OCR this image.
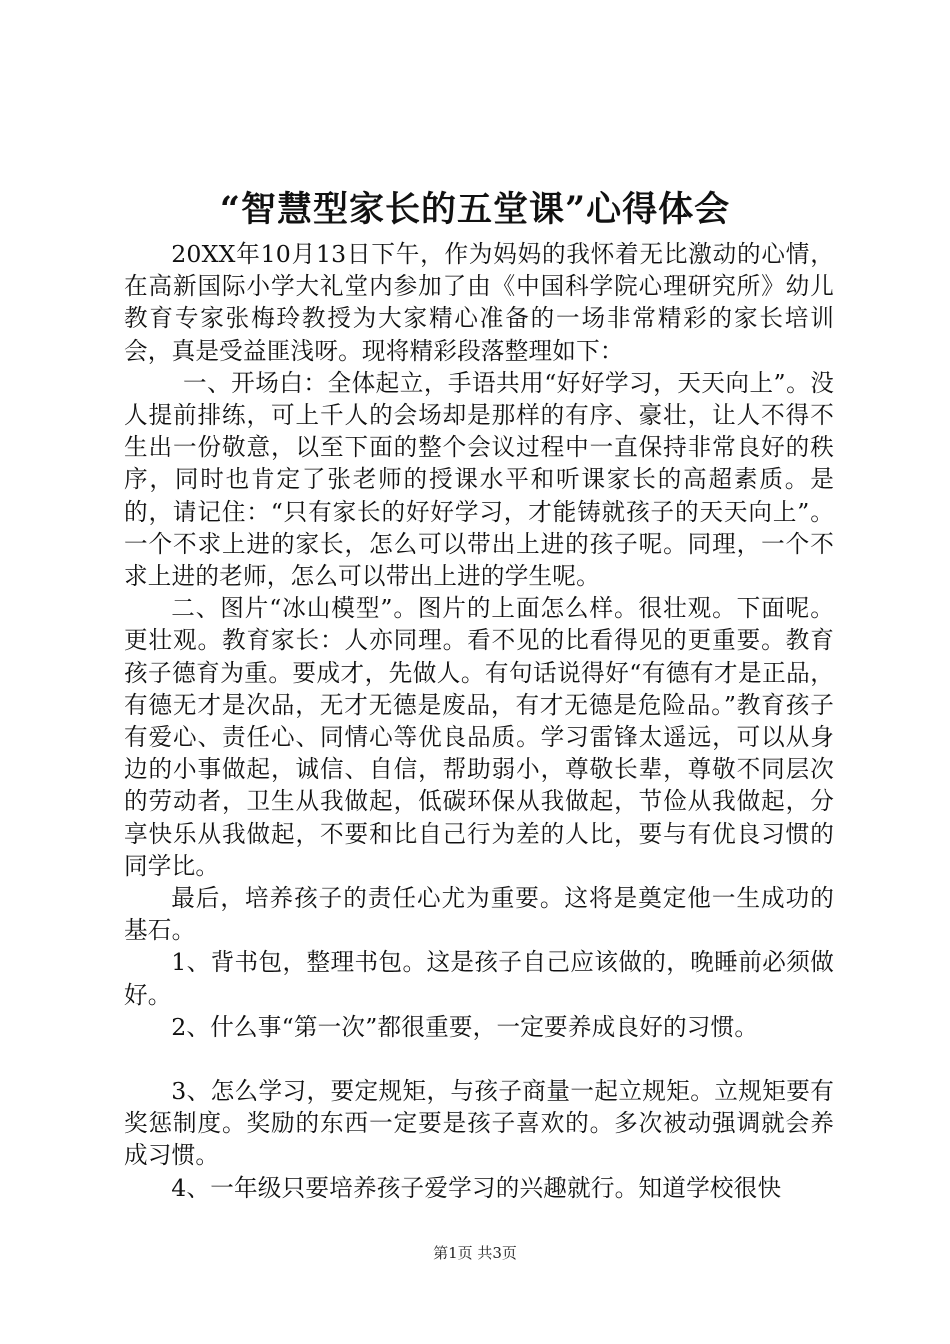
“智慧型家长的五堂课”心得体会

20XX年10月13日下午，作为妈妈的我怀着无比激动的心情，在高新国际小学大礼堂内参加了由《中国科学院心理研究所》幼儿教育专家张梅玲教授为大家精心准备的一场非常精彩的家长培训会，真是受益匪浅呀。现将精彩段落整理如下：

一、开场白：全体起立，手语共用“好好学习，天天向上”。没人提前排练，可上千人的会场却是那样的有序、豪壮，让人不得不生出一份敬意，以至下面的整个会议过程中一直保持非常良好的秩序，同时也肯定了张老师的授课水平和听课家长的高超素质。是的，请记住：“只有家长的好好学习，才能铸就孩子的天天向上”。一个不求上进的家长，怎么可以带出上进的孩子呢。同理，一个不求上进的老师，怎么可以带出上进的学生呢。

二、图片“冰山模型”。图片的上面怎么样。很壮观。下面呢。更壮观。教育家长：人亦同理。看不见的比看得见的更重要。教育孩子德育为重。要成才，先做人。有句话说得好“有德有才是正品，有德无才是次品，无才无德是废品，有才无德是危险品。”教育孩子有爱心、责任心、同情心等优良品质。学习雷锋太遥远，可以从身边的小事做起，诚信、自信，帮助弱小，尊敬长辈，尊敬不同层次的劳动者，卫生从我做起，低碳环保从我做起，节俭从我做起，分享快乐从我做起，不要和比自己行为差的人比，要与有优良习惯的同学比。

最后，培养孩子的责任心尤为重要。这将是奠定他一生成功的基石。

1、背书包，整理书包。这是孩子自己应该做的，晚睡前必须做好。

2、什么事“第一次”都很重要，一定要养成良好的习惯。

3、怎么学习，要定规矩，与孩子商量一起立规矩。立规矩要有奖惩制度。奖励的东西一定要是孩子喜欢的。多次被动强调就会养成习惯。

4、一年级只要培养孩子爱学习的兴趣就行。知道学校很快

第1页 共3页
